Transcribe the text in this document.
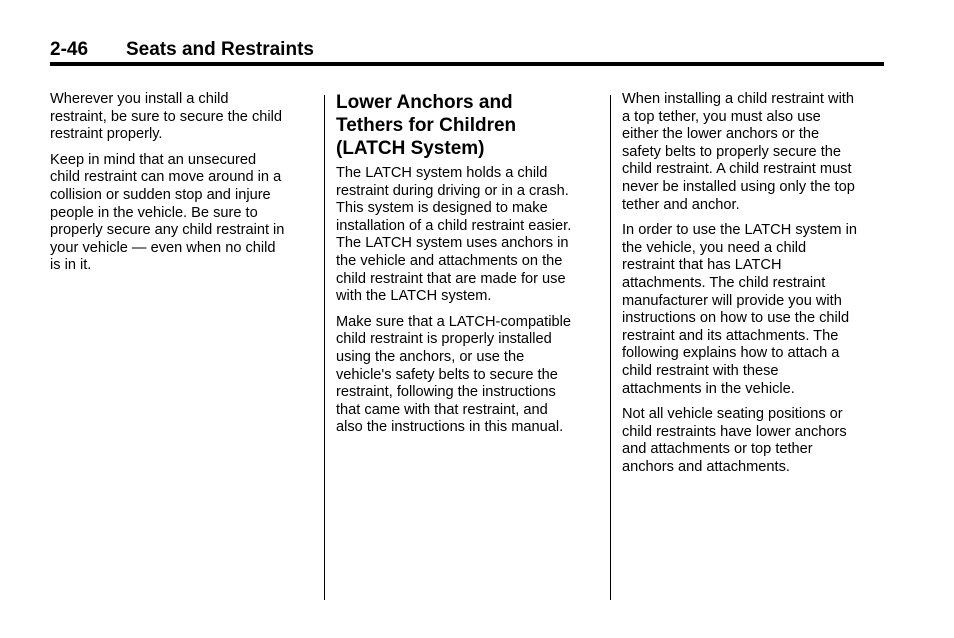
2-46 Seats and Restraints

Wherever you install a child
restraint, be sure to secure the child
restraint properly.

Keep in mind that an unsecured
child restraint can move around in a
collision or sudden stop and injure
people in the vehicle. Be sure to
properly secure any child restraint in
your vehicle — even when no child
is in it.

Lower Anchors and
Tethers for Children
(LATCH System)

The LATCH system holds a child
restraint during driving or in a crash.
This system is designed to make
installation of a child restraint easier.
The LATCH system uses anchors in
the vehicle and attachments on the
child restraint that are made for use
with the LATCH system.

Make sure that a LATCH-compatible
child restraint is properly installed
using the anchors, or use the
vehicle's safety belts to secure the
restraint, following the instructions
that came with that restraint, and
also the instructions in this manual.

When installing a child restraint with
a top tether, you must also use
either the lower anchors or the
safety belts to properly secure the
child restraint. A child restraint must
never be installed using only the top
tether and anchor.

In order to use the LATCH system in
the vehicle, you need a child
restraint that has LATCH
attachments. The child restraint
manufacturer will provide you with
instructions on how to use the child
restraint and its attachments. The
following explains how to attach a
child restraint with these
attachments in the vehicle.

Not all vehicle seating positions or
child restraints have lower anchors
and attachments or top tether
anchors and attachments.
